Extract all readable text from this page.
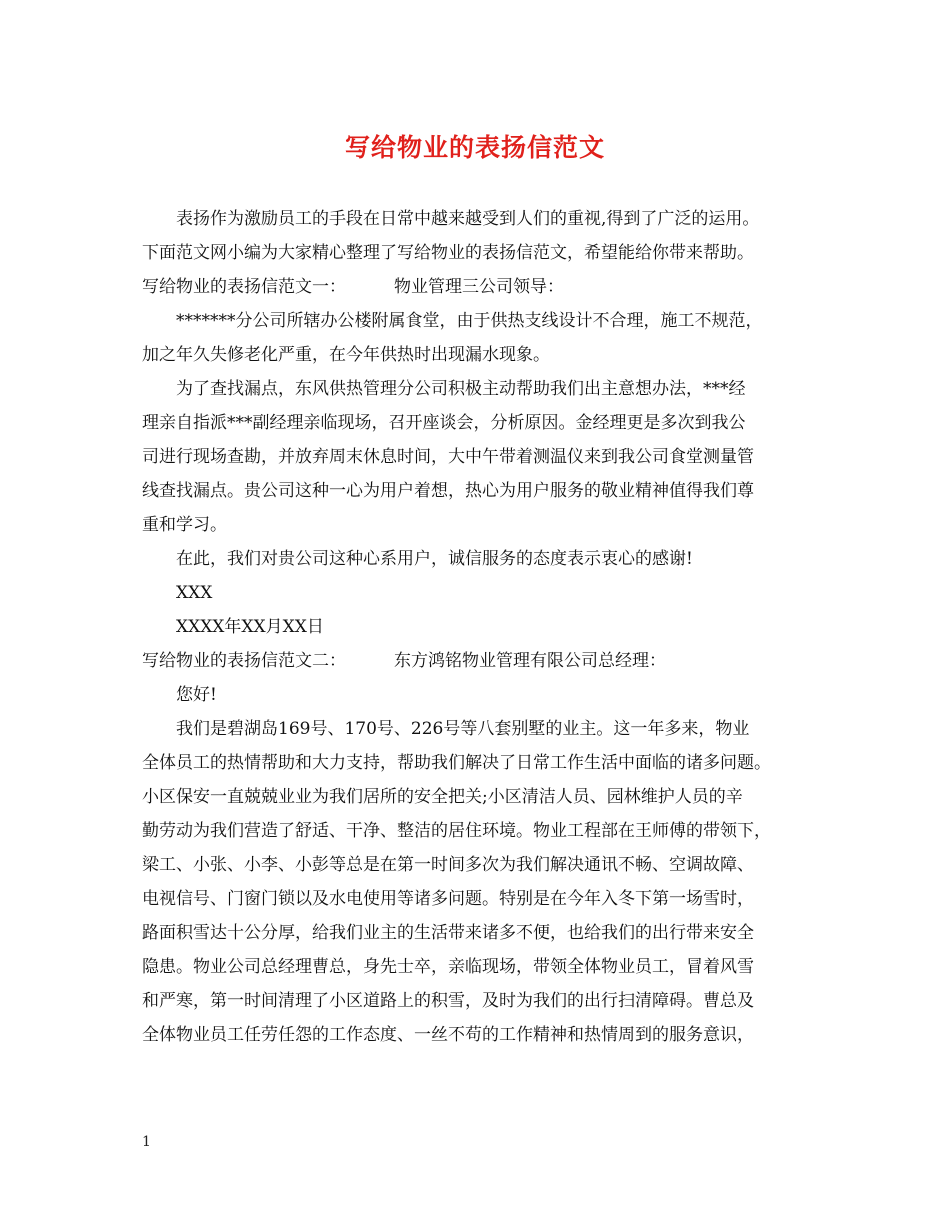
写给物业的表扬信范文
表扬作为激励员工的手段在日常中越来越受到人们的重视,得到了广泛的运用。
下面范文网小编为大家精心整理了写给物业的表扬信范文，希望能给你带来帮助。
写给物业的表扬信范文一：	物业管理三公司领导：
*******分公司所辖办公楼附属食堂，由于供热支线设计不合理，施工不规范，
加之年久失修老化严重，在今年供热时出现漏水现象。
为了查找漏点，东风供热管理分公司积极主动帮助我们出主意想办法，***经
理亲自指派***副经理亲临现场，召开座谈会，分析原因。金经理更是多次到我公
司进行现场查勘，并放弃周末休息时间，大中午带着测温仪来到我公司食堂测量管
线查找漏点。贵公司这种一心为用户着想，热心为用户服务的敬业精神值得我们尊
重和学习。
在此，我们对贵公司这种心系用户，诚信服务的态度表示衷心的感谢!
XXX
XXXX年XX月XX日
写给物业的表扬信范文二：	东方鸿铭物业管理有限公司总经理：
您好!
我们是碧湖岛169号、170号、226号等八套别墅的业主。这一年多来，物业
全体员工的热情帮助和大力支持，帮助我们解决了日常工作生活中面临的诸多问题。
小区保安一直兢兢业业为我们居所的安全把关;小区清洁人员、园林维护人员的辛
勤劳动为我们营造了舒适、干净、整洁的居住环境。物业工程部在王师傅的带领下，
梁工、小张、小李、小彭等总是在第一时间多次为我们解决通讯不畅、空调故障、
电视信号、门窗门锁以及水电使用等诸多问题。特别是在今年入冬下第一场雪时，
路面积雪达十公分厚，给我们业主的生活带来诸多不便，也给我们的出行带来安全
隐患。物业公司总经理曹总，身先士卒，亲临现场，带领全体物业员工，冒着风雪
和严寒，第一时间清理了小区道路上的积雪，及时为我们的出行扫清障碍。曹总及
全体物业员工任劳任怨的工作态度、一丝不苟的工作精神和热情周到的服务意识，
1
